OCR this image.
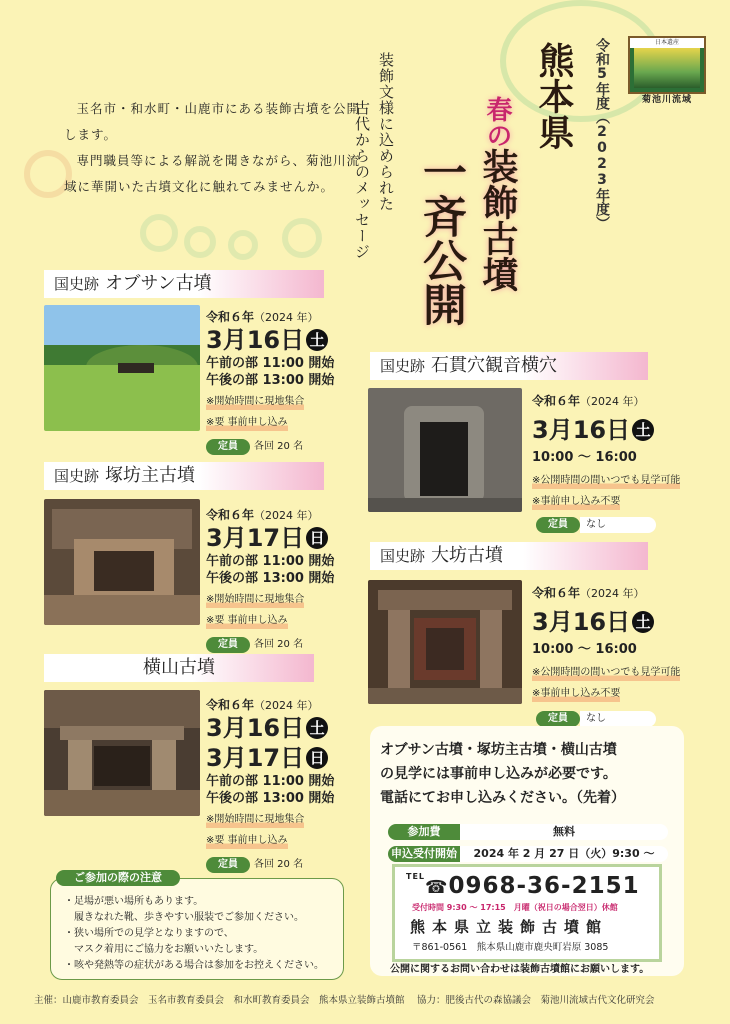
玉名市・和水町・山鹿市にある装飾古墳を公開します。

専門職員等による解説を聞きながら、菊池川流域に華開いた古墳文化に触れてみませんか。	令和5年度（2023年度）
熊本県
春の装飾古墳
一斉公開
装飾文様に込められた
古代からのメッセージ
日本遺産
菊池川流域
国史跡 オブサン古墳
令和６年（2024 年）
3月16日 土
午前の部 11:00 開始
午後の部 13:00 開始
※開始時間に現地集合
※要 事前申し込み
定員 各回 20 名
国史跡 塚坊主古墳
令和６年（2024 年）
3月17日 日
午前の部 11:00 開始
午後の部 13:00 開始
※開始時間に現地集合
※要 事前申し込み
定員 各回 20 名
横山古墳
令和６年（2024 年）
3月16日 土
3月17日 日
午前の部 11:00 開始
午後の部 13:00 開始
※開始時間に現地集合
※要 事前申し込み
定員 各回 20 名
国史跡 石貫穴観音横穴
令和６年（2024 年）
3月16日 土
10:00 ～ 16:00
※公開時間の間いつでも見学可能
※事前申し込み不要
定員 なし
国史跡 大坊古墳
令和６年（2024 年）
3月16日 土
10:00 ～ 16:00
※公開時間の間いつでも見学可能
※事前申し込み不要
定員 なし
ご参加の際の注意
・足場が悪い場所もあります。
　履きなれた靴、歩きやすい服装でご参加ください。
・狭い場所での見学となりますので、
　マスク着用にご協力をお願いいたします。
・咳や発熱等の症状がある場合は参加をお控えください。
オブサン古墳・塚坊主古墳・横山古墳
の見学には事前申し込みが必要です。
電話にてお申し込みください。（先着）
参加費	無料
申込受付開始 2024 年 2 月 27 日（火）9:30 ～
$^{TEL}$☎0968-36-2151
受付時間 9:30 ～ 17:15　月曜（祝日の場合翌日）休館
熊本県立装飾古墳館
〒861-0561　熊本県山鹿市鹿央町岩原 3085
公開に関するお問い合わせは装飾古墳館にお願いします。
主催：山鹿市教育委員会　玉名市教育委員会　和水町教育委員会　熊本県立装飾古墳館　 協力：肥後古代の森協議会　菊池川流域古代文化研究会
